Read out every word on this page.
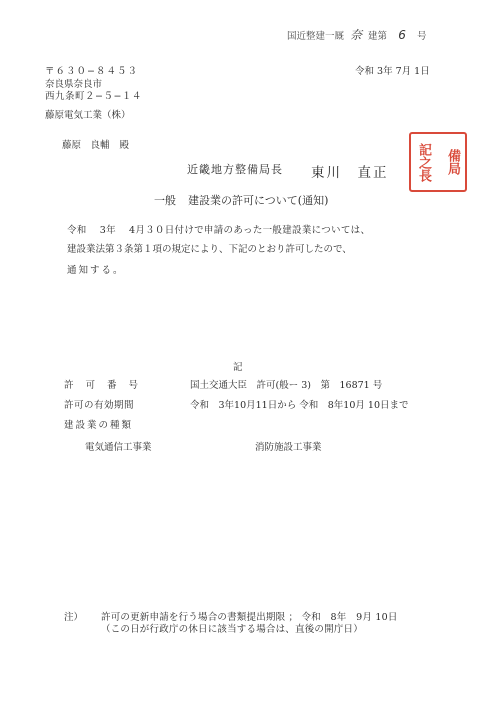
国近整建一厩 奈 建第 6 号
〒６３０−８４５３
奈良県奈良市
西九条町２−５−１４
藤原電気工業（株）
令和 3年 7月 1日
藤原　良輔 殿
近畿地方整備局長 東川　直正	備局
記之長
一般 建設業の許可について(通知)
令和　 3年　 4月３０日付けで申請のあった一般建設業については、
建設業法第３条第１項の規定により、下記のとおり許可したので、
通知する。
記
許可番号	国土交通大臣　許可(般ー 3)　第　16871 号
許可の有効期間	令和　3年10月11日から 令和　8年10月 10日まで
建設業の種類
電気通信工事業	消防施設工事業
注） 許可の更新申請を行う場合の書類提出期限 ； 令和　8年　9月 10日
（この日が行政庁の休日に該当する場合は、直後の開庁日）
